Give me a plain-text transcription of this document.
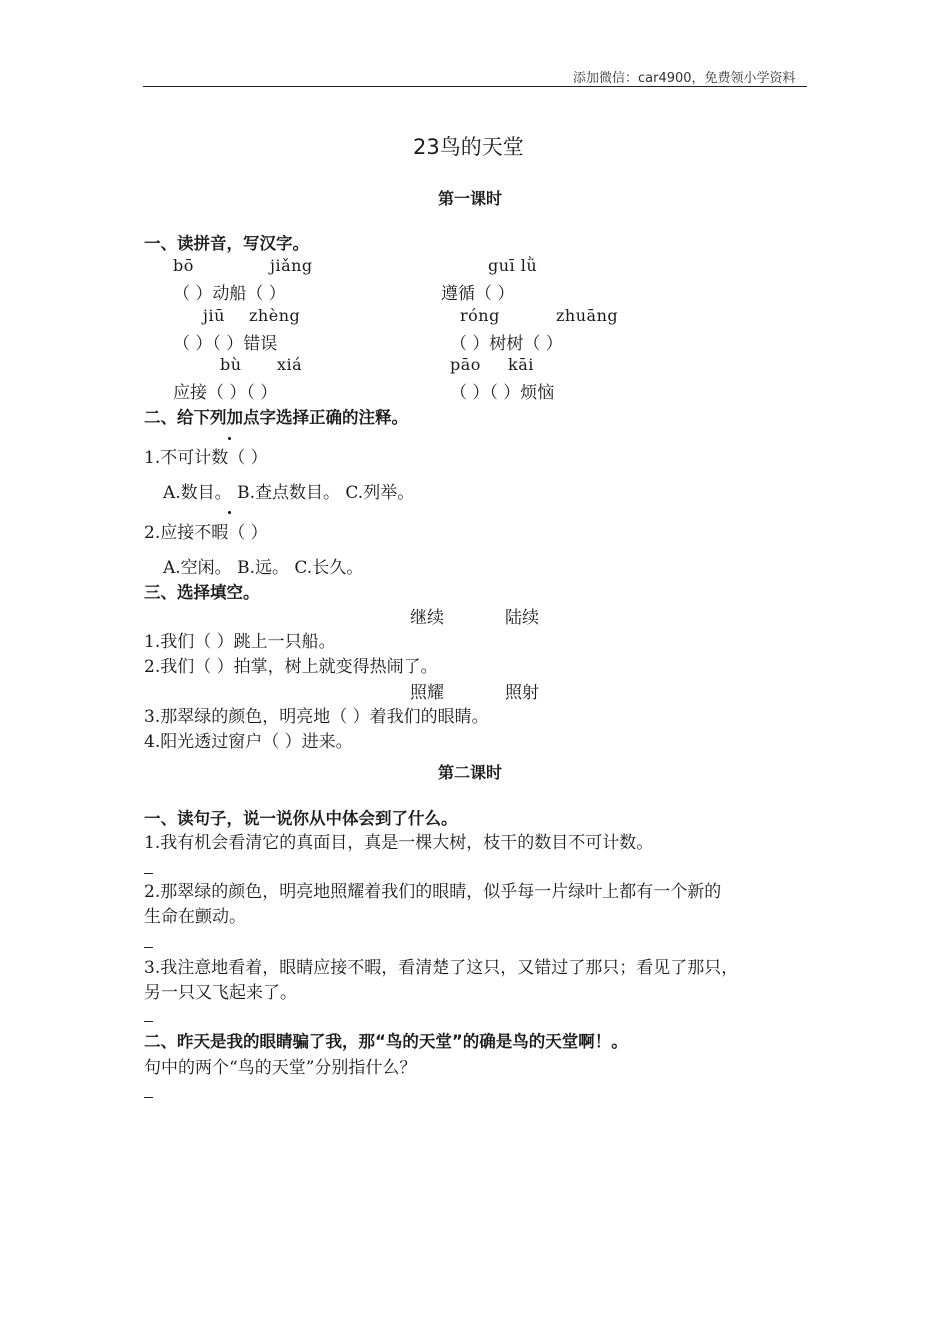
添加微信：car4900，免费领小学资料
23鸟的天堂
第一课时
一、读拼音，写汉字。
bō	jiǎng	guī lǜ
（ ）动船（ ）	遵循（ ）
jiū zhèng	róng	zhuāng
（ ）（ ）错误	（ ）树树（ ）
bù xiá	pāo kāi
应接（ ）（ ）	（ ）（ ）烦恼
二、给下列加点字选择正确的注释。
1.不可计数（ ）
A.数目。 B.查点数目。 C.列举。
2.应接不暇（ ）
A.空闲。 B.远。 C.长久。
三、选择填空。
继续	陆续
1.我们（ ）跳上一只船。
2.我们（ ）拍掌，树上就变得热闹了。
照耀	照射
3.那翠绿的颜色，明亮地（ ）着我们的眼睛。
4.阳光透过窗户（ ）进来。
第二课时
一、读句子，说一说你从中体会到了什么。
1.我有机会看清它的真面目，真是一棵大树，枝干的数目不可计数。
2.那翠绿的颜色，明亮地照耀着我们的眼睛，似乎每一片绿叶上都有一个新的
生命在颤动。
3.我注意地看着，眼睛应接不暇，看清楚了这只，又错过了那只；看见了那只，
另一只又飞起来了。
二、昨天是我的眼睛骗了我，那“鸟的天堂”的确是鸟的天堂啊！。
句中的两个“鸟的天堂”分别指什么？
